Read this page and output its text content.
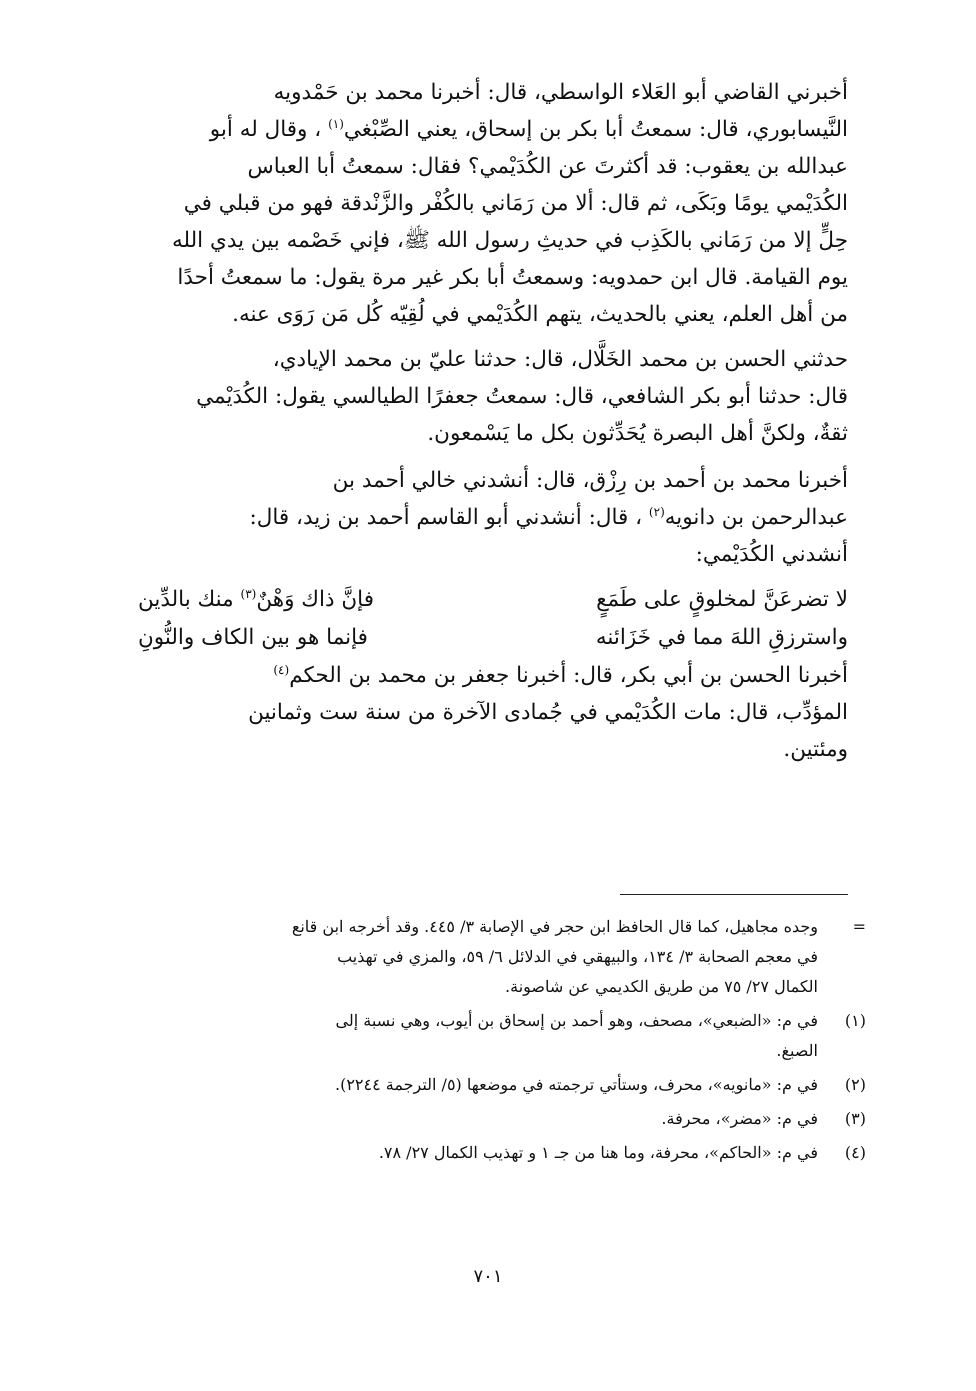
أخبرني القاضي أبو العَلاء الواسطي، قال: أخبرنا محمد بن حَمْدويه
النَّيسابوري، قال: سمعتُ أبا بكر بن إسحاق، يعني الصِّبْغي$^{(١)}$ ، وقال له أبو
عبدالله بن يعقوب: قد أكثرتَ عن الكُدَيْمي؟ فقال: سمعتُ أبا العباس
الكُدَيْمي يومًا وبَكَى، ثم قال: ألا من رَمَاني بالكُفْر والزَّنْدقة فهو من قبلي في
حِلٍّ إلا من رَمَاني بالكَذِب في حديثِ رسول الله ﷺ، فإني خَصْمه بين يدي الله
يوم القيامة. قال ابن حمدويه: وسمعتُ أبا بكر غير مرة يقول: ما سمعتُ أحدًا
من أهل العلم، يعني بالحديث، يتهم الكُدَيْمي في لُقِيّه كُل مَن رَوَى عنه.

حدثني الحسن بن محمد الخَلَّال، قال: حدثنا عليّ بن محمد الإيادي،
قال: حدثنا أبو بكر الشافعي، قال: سمعتُ جعفرًا الطيالسي يقول: الكُدَيْمي
ثقةٌ، ولكنَّ أهل البصرة يُحَدِّثون بكل ما يَسْمعون.

أخبرنا محمد بن أحمد بن رِزْق، قال: أنشدني خالي أحمد بن
عبدالرحمن بن دانويه$^{(٢)}$ ، قال: أنشدني أبو القاسم أحمد بن زيد، قال:
أنشدني الكُدَيْمي:

لا تضرعَنَّ لمخلوقٍ على طَمَعٍ
فإنَّ ذاك وَهْنٌ$^{(٣)}$ منك بالدِّين
واسترزقِ اللهَ مما في خَزَائنه
فإنما هو بين الكاف والنُّونِ

أخبرنا الحسن بن أبي بكر، قال: أخبرنا جعفر بن محمد بن الحكم$^{(٤)}$
المؤدِّب، قال: مات الكُدَيْمي في جُمادى الآخرة من سنة ست وثمانين
ومئتين.

=
وجده مجاهيل، كما قال الحافظ ابن حجر في الإصابة ٣/ ٤٤٥. وقد أخرجه ابن قانع
في معجم الصحابة ٣/ ١٣٤، والبيهقي في الدلائل ٦/ ٥٩، والمزي في تهذيب
الكمال ٢٧/ ٧٥ من طريق الكديمي عن شاصونة.
(١)
في م: «الضبعي»، مصحف، وهو أحمد بن إسحاق بن أيوب، وهي نسبة إلى
الصبغ.
(٢)
في م: «مانويه»، محرف، وستأتي ترجمته في موضعها (٥/ الترجمة ٢٢٤٤).
(٣)
في م: «مضر»، محرفة.
(٤)
في م: «الحاكم»، محرفة، وما هنا من جـ ١ و تهذيب الكمال ٢٧/ ٧٨.
٧٠١
